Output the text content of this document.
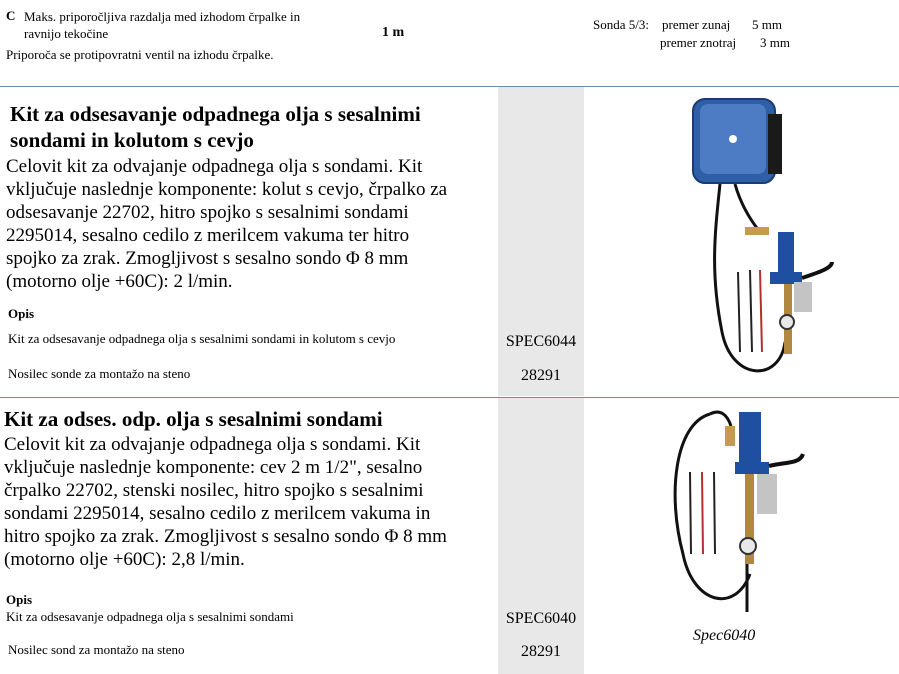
C Maks. priporočljiva razdalja med izhodom črpalke in
ravnijo tekočine	1 m
Priporoča se protipovratni ventil na izhodu črpalke.
Sonda 5/3: premer zunaj 5 mm
premer znotraj 3 mm
Kit za odsesavanje odpadnega olja s sesalnimi
sondami in kolutom s cevjo
Celovit kit za odvajanje odpadnega olja s sondami. Kit
vključuje naslednje komponente: kolut s cevjo, črpalko za
odsesavanje 22702, hitro spojko s sesalnimi sondami
2295014, sesalno cedilo z merilcem vakuma ter hitro
spojko za zrak. Zmogljivost s sesalno sondo Φ 8 mm
(motorno olje +60C): 2 l/min.
Opis
Kit za odsesavanje odpadnega olja s sesalnimi sondami in kolutom s cevjo	SPEC6044
Nosilec sonde za montažo na steno	28291
Kit za odses. odp. olja s sesalnimi sondami
Celovit kit za odvajanje odpadnega olja s sondami. Kit
vključuje naslednje komponente: cev 2 m 1/2", sesalno
črpalko 22702, stenski nosilec, hitro spojko s sesalnimi
sondami 2295014, sesalno cedilo z merilcem vakuma in
hitro spojko za zrak. Zmogljivost s sesalno sondo Φ 8 mm
(motorno olje +60C): 2,8 l/min.
Opis
Kit za odsesavanje odpadnega olja s sesalnimi sondami	SPEC6040
Nosilec sond za montažo na steno	28291
Spec6040
